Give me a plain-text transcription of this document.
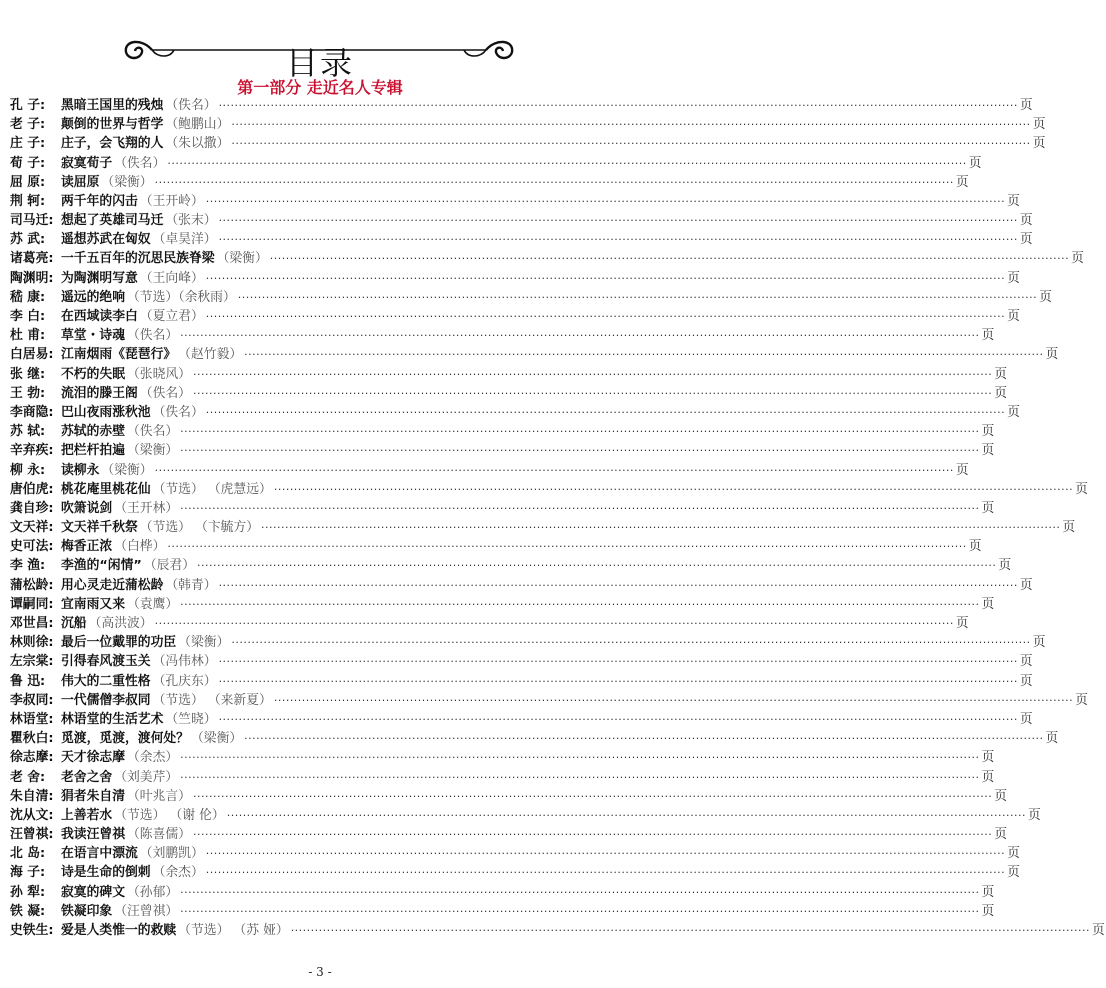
目录
第一部分 走近名人专辑
孔 子:	黑暗王国里的残烛 （佚名） ········································································································································································································ 页
老 子:	颠倒的世界与哲学 （鲍鹏山） ········································································································································································································ 页
庄 子:	庄子，会飞翔的人 （朱以撒） ········································································································································································································ 页
荀 子:	寂寞荀子 （佚名） ········································································································································································································ 页
屈 原:	读屈原 （梁衡） ········································································································································································································ 页
荆 轲:	两千年的闪击 （王开岭） ········································································································································································································ 页
司马迁: 想起了英雄司马迁 （张末） ········································································································································································································ 页
苏 武:	遥想苏武在匈奴 （卓昊洋） ········································································································································································································ 页
诸葛亮: 一千五百年的沉思民族脊梁 （梁衡） ········································································································································································································ 页
陶渊明: 为陶渊明写意 （王向峰） ········································································································································································································ 页
嵇 康:	遥远的绝响 （节选）（余秋雨） ········································································································································································································ 页
李 白:	在西域读李白 （夏立君） ········································································································································································································ 页
杜 甫:	草堂・诗魂 （佚名） ········································································································································································································ 页
白居易: 江南烟雨《琵琶行》 （赵竹毅） ········································································································································································································ 页
张 继:	不朽的失眠 （张晓风） ········································································································································································································ 页
王 勃:	流泪的滕王阁 （佚名） ········································································································································································································ 页
李商隐: 巴山夜雨涨秋池 （佚名） ········································································································································································································ 页
苏 轼:	苏轼的赤壁 （佚名） ········································································································································································································ 页
辛弃疾: 把栏杆拍遍 （梁衡） ········································································································································································································ 页
柳 永:	读柳永 （梁衡） ········································································································································································································ 页
唐伯虎: 桃花庵里桃花仙 （节选） （虎慧远） ········································································································································································································ 页
龚自珍: 吹箫说剑 （王开林） ········································································································································································································ 页
文天祥: 文天祥千秋祭 （节选） （卞毓方） ········································································································································································································ 页
史可法: 梅香正浓 （白桦） ········································································································································································································ 页
李 渔:	李渔的“闲情” （辰君） ········································································································································································································ 页
蒲松龄: 用心灵走近蒲松龄 （韩青） ········································································································································································································ 页
谭嗣同: 宜南雨又来 （袁鹰） ········································································································································································································ 页
邓世昌: 沉船 （高洪波） ········································································································································································································ 页
林则徐: 最后一位戴罪的功臣 （梁衡） ········································································································································································································ 页
左宗棠: 引得春风渡玉关 （冯伟林） ········································································································································································································ 页
鲁 迅:	伟大的二重性格 （孔庆东） ········································································································································································································ 页
李叔同: 一代儒僧李叔同 （节选） （来新夏） ········································································································································································································ 页
林语堂: 林语堂的生活艺术 （竺晓） ········································································································································································································ 页
瞿秋白: 觅渡，觅渡，渡何处？ （梁衡） ········································································································································································································ 页
徐志摩: 天才徐志摩 （余杰） ········································································································································································································ 页
老 舍:	老舍之舍 （刘美芹） ········································································································································································································ 页
朱自清: 狷者朱自清 （叶兆言） ········································································································································································································ 页
沈从文: 上善若水 （节选） （谢 伦） ········································································································································································································ 页
汪曾祺: 我读汪曾祺 （陈喜儒） ········································································································································································································ 页
北 岛:	在语言中漂流 （刘鹏凯） ········································································································································································································ 页
海 子:	诗是生命的倒刺 （余杰） ········································································································································································································ 页
孙 犁:	寂寞的碑文 （孙郁） ········································································································································································································ 页
铁 凝:	铁凝印象 （汪曾祺） ········································································································································································································ 页
史铁生: 爱是人类惟一的救赎 （节选） （苏 娅） ········································································································································································································ 页
- 3 -
